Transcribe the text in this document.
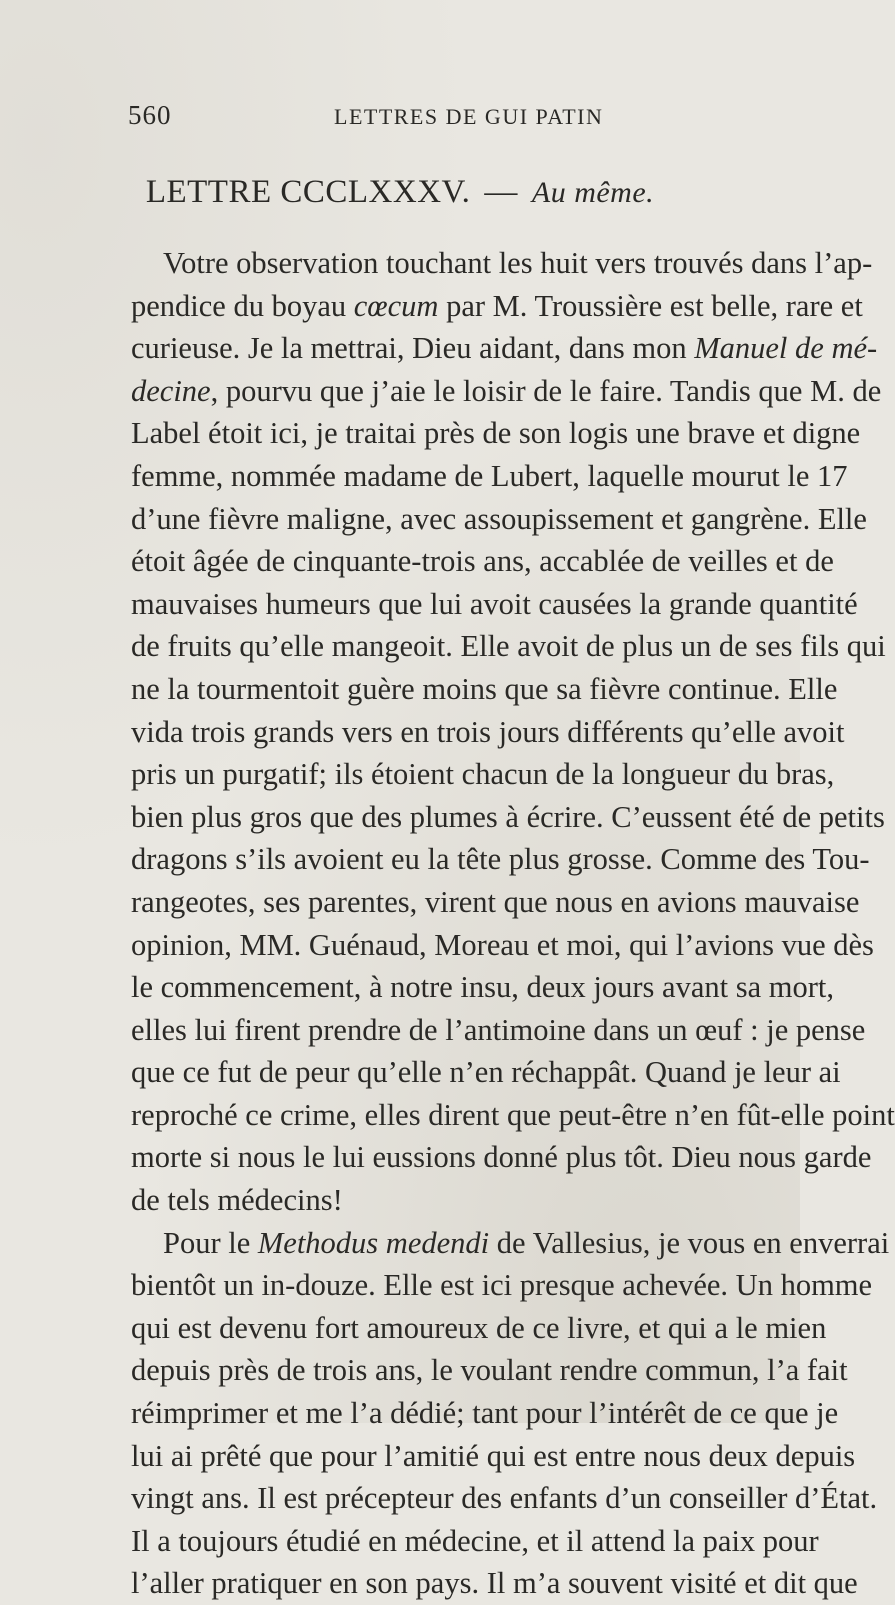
560	LETTRES DE GUI PATIN
LETTRE CCCLXXXV. — Au même.
Votre observation touchant les huit vers trouvés dans l’ap-
pendice du boyau cœcum par M. Troussière est belle, rare et
curieuse. Je la mettrai, Dieu aidant, dans mon Manuel de mé-
decine, pourvu que j’aie le loisir de le faire. Tandis que M. de
Label étoit ici, je traitai près de son logis une brave et digne
femme, nommée madame de Lubert, laquelle mourut le 17
d’une fièvre maligne, avec assoupissement et gangrène. Elle
étoit âgée de cinquante-trois ans, accablée de veilles et de
mauvaises humeurs que lui avoit causées la grande quantité
de fruits qu’elle mangeoit. Elle avoit de plus un de ses fils qui
ne la tourmentoit guère moins que sa fièvre continue. Elle
vida trois grands vers en trois jours différents qu’elle avoit
pris un purgatif; ils étoient chacun de la longueur du bras,
bien plus gros que des plumes à écrire. C’eussent été de petits
dragons s’ils avoient eu la tête plus grosse. Comme des Tou-
rangeotes, ses parentes, virent que nous en avions mauvaise
opinion, MM. Guénaud, Moreau et moi, qui l’avions vue dès
le commencement, à notre insu, deux jours avant sa mort,
elles lui firent prendre de l’antimoine dans un œuf : je pense
que ce fut de peur qu’elle n’en réchappât. Quand je leur ai
reproché ce crime, elles dirent que peut-être n’en fût-elle point
morte si nous le lui eussions donné plus tôt. Dieu nous garde
de tels médecins!
Pour le Methodus medendi de Vallesius, je vous en enverrai
bientôt un in-douze. Elle est ici presque achevée. Un homme
qui est devenu fort amoureux de ce livre, et qui a le mien
depuis près de trois ans, le voulant rendre commun, l’a fait
réimprimer et me l’a dédié; tant pour l’intérêt de ce que je
lui ai prêté que pour l’amitié qui est entre nous deux depuis
vingt ans. Il est précepteur des enfants d’un conseiller d’État.
Il a toujours étudié en médecine, et il attend la paix pour
l’aller pratiquer en son pays. Il m’a souvent visité et dit que
